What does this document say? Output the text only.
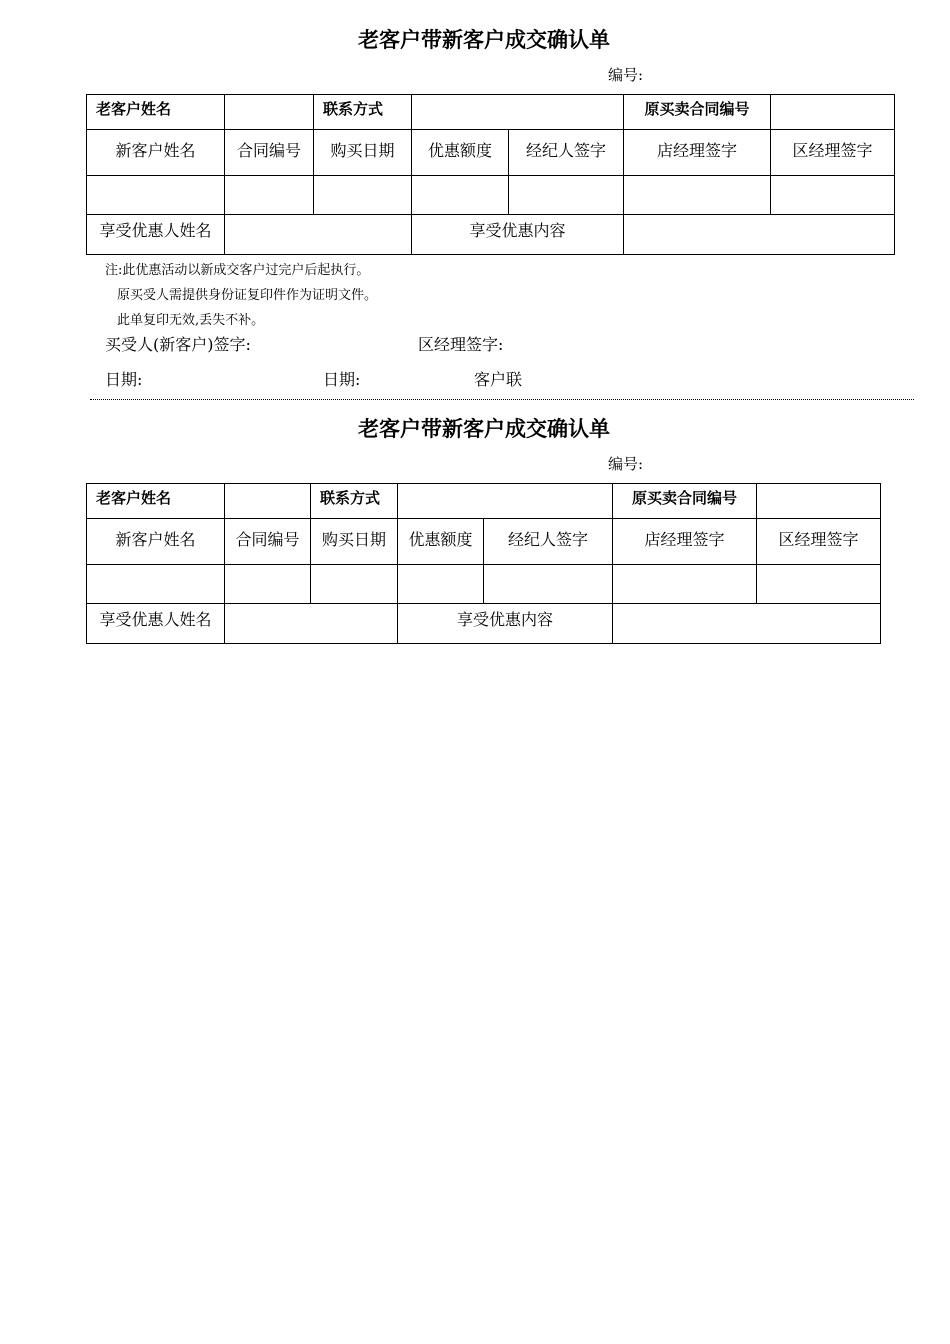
老客户带新客户成交确认单
编号:
老客户姓名		联系方式			原买卖合同编号	
新客户姓名	合同编号	购买日期	优惠额度	经纪人签字	店经理签字	区经理签字

享受优惠人姓名			享受优惠内容			
注:此优惠活动以新成交客户过完户后起执行。
原买受人需提供身份证复印件作为证明文件。
此单复印无效,丢失不补。
买受人(新客户)签字:	区经理签字:
日期:	日期:	客户联
老客户带新客户成交确认单
编号:
老客户姓名		联系方式			原买卖合同编号	
新客户姓名	合同编号	购买日期	优惠额度	经纪人签字	店经理签字	区经理签字

享受优惠人姓名			享受优惠内容			
